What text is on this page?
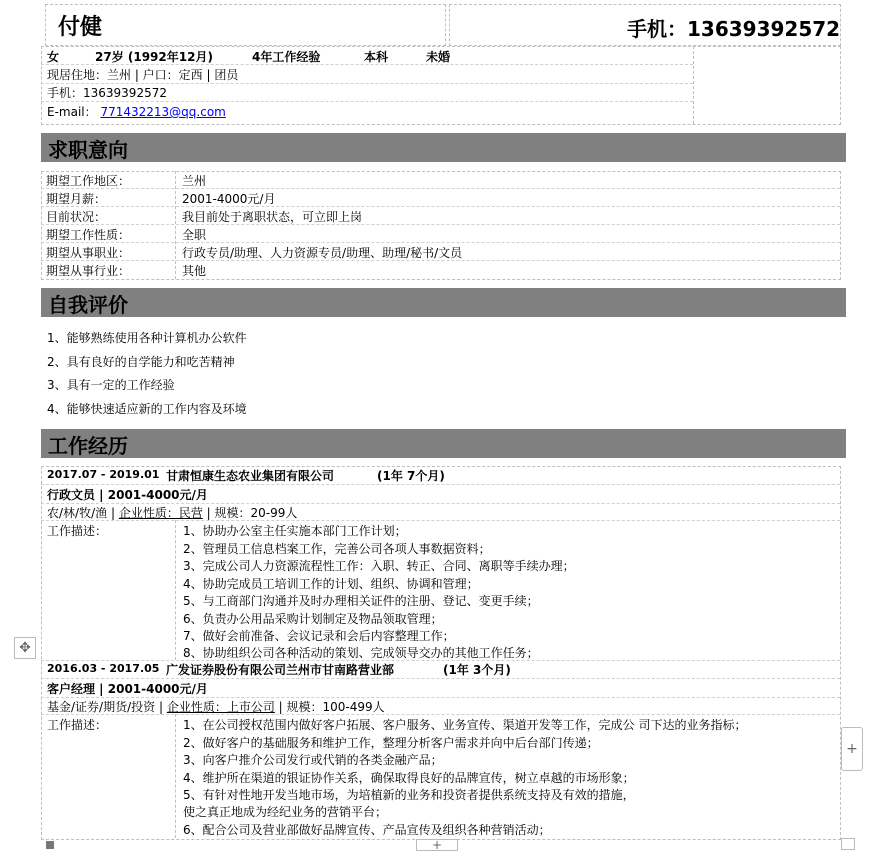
付健	手机：13639392572
女	27岁 (1992年12月)	4年工作经验	本科	未婚
现居住地：兰州 | 户口：定西 | 团员
手机：13639392572
E-mail： 771432213@qq.com
求职意向
期望工作地区：	兰州
期望月薪：	2001-4000元/月
目前状况：	我目前处于离职状态，可立即上岗
期望工作性质：	全职
期望从事职业：	行政专员/助理、人力资源专员/助理、助理/秘书/文员
期望从事行业：	其他
自我评价
1、能够熟练使用各种计算机办公软件
2、具有良好的自学能力和吃苦精神
3、具有一定的工作经验
4、能够快速适应新的工作内容及环境
工作经历
2017.07 - 2019.01 甘肃恒康生态农业集团有限公司	(1年 7个月)
行政文员 | 2001-4000元/月
农/林/牧/渔 | 企业性质：民营 | 规模：20-99人
工作描述：	1、协助办公室主任实施本部门工作计划；
2、管理员工信息档案工作，完善公司各项人事数据资料；
3、完成公司人力资源流程性工作：入职、转正、合同、离职等手续办理；
4、协助完成员工培训工作的计划、组织、协调和管理；
5、与工商部门沟通并及时办理相关证件的注册、登记、变更手续；
6、负责办公用品采购计划制定及物品领取管理；
7、做好会前准备、会议记录和会后内容整理工作；
8、协助组织公司各种活动的策划、完成领导交办的其他工作任务；
2016.03 - 2017.05 广发证券股份有限公司兰州市甘南路营业部	(1年 3个月)
客户经理 | 2001-4000元/月
基金/证券/期货/投资 | 企业性质：上市公司 | 规模：100-499人
工作描述：	1、在公司授权范围内做好客户拓展、客户服务、业务宣传、渠道开发等工作，完成公 司下达的业务指标；
2、做好客户的基础服务和维护工作，整理分析客户需求并向中后台部门传递；
3、向客户推介公司发行或代销的各类金融产品；
4、维护所在渠道的银证协作关系，确保取得良好的品牌宣传，树立卓越的市场形象；
5、有针对性地开发当地市场，为培植新的业务和投资者提供系统支持及有效的措施，
使之真正地成为经纪业务的营销平台；
6、配合公司及营业部做好品牌宣传、产品宣传及组织各种营销活动；
✥
+
+
